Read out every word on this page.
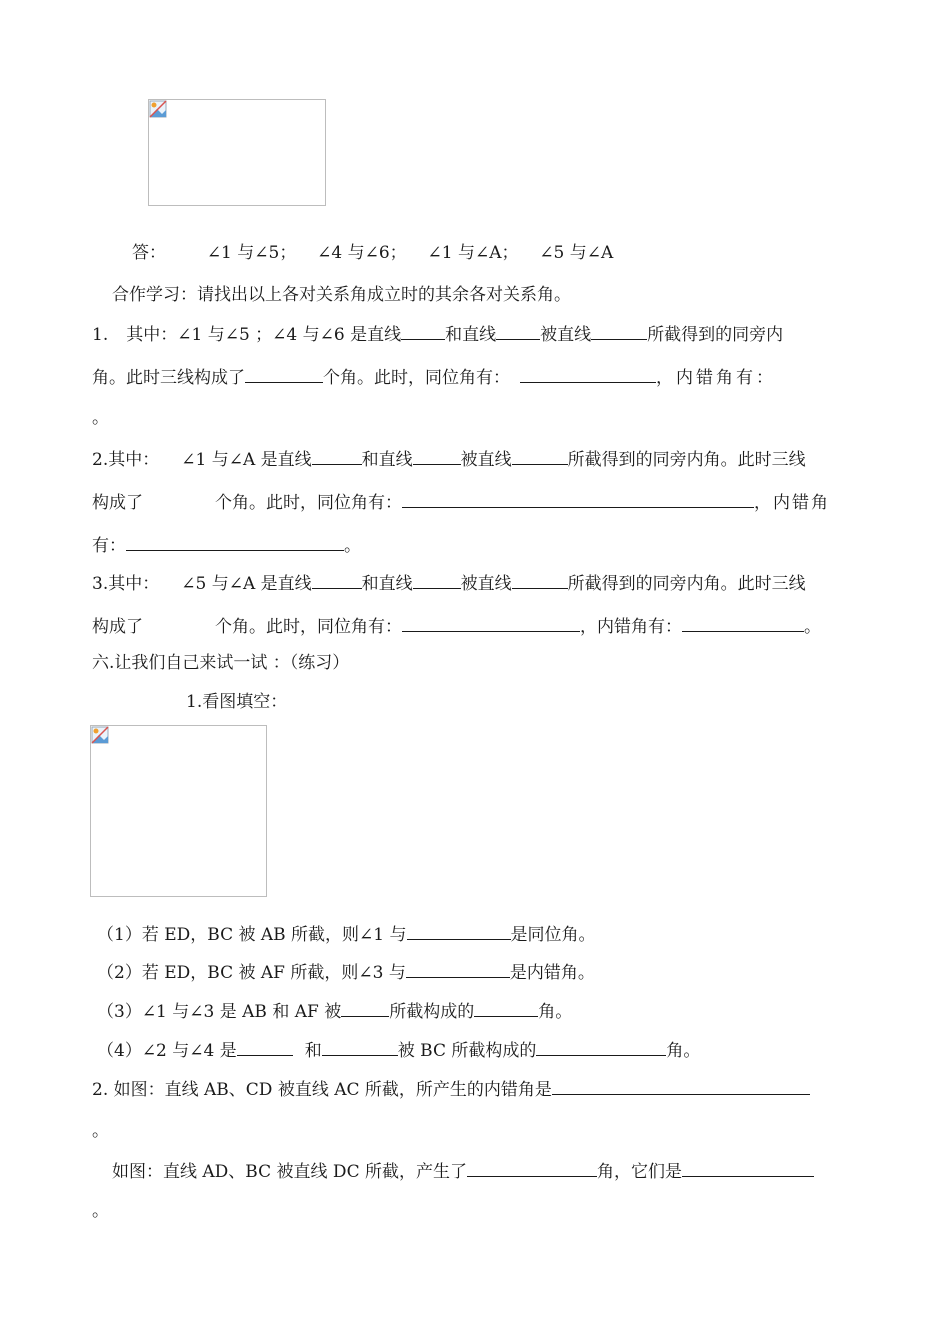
答： ∠1 与∠5； ∠4 与∠6； ∠1 与∠A； ∠5 与∠A
合作学习：请找出以上各对关系角成立时的其余各对关系角。
1. 其中：∠1 与∠5 ；∠4 与∠6 是直线	和直线	被直线	所截得到的同旁内
角。此时三线构成了	个角。此时，同位角有：	，内错角有：
。
2.其中： ∠1 与∠A 是直线	和直线	被直线	所截得到的同旁内角。此时三线
构成了	个角。此时，同位角有：	，内错角
有：	。
3.其中： ∠5 与∠A 是直线	和直线	被直线	所截得到的同旁内角。此时三线
构成了	个角。此时，同位角有：	，内错角有：	。
六.让我们自己来试一试 ：（练习）
1.看图填空：
（1）若 ED，BC 被 AB 所截，则∠1 与	是同位角。
（2）若 ED，BC 被 AF 所截，则∠3 与	是内错角。
（3）∠1 与∠3 是 AB 和 AF 被	所截构成的	角。
（4）∠2 与∠4 是	和	被 BC 所截构成的	角。
2. 如图：直线 AB、CD 被直线 AC 所截，所产生的内错角是
。
如图：直线 AD、BC 被直线 DC 所截，产生了	角，它们是
。
